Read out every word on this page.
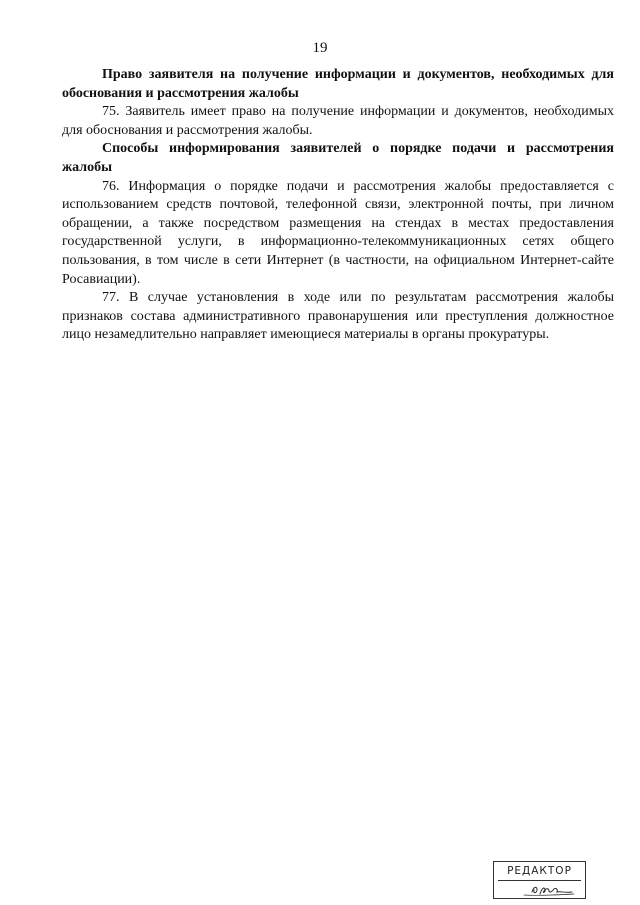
19

Право заявителя на получение информации и документов, необходимых для обоснования и рассмотрения жалобы

75. Заявитель имеет право на получение информации и документов, необходимых для обоснования и рассмотрения жалобы.

Способы информирования заявителей о порядке подачи и рассмотрения жалобы

76. Информация о порядке подачи и рассмотрения жалобы предоставляется с использованием средств почтовой, телефонной связи, электронной почты, при личном обращении, а также посредством размещения на стендах в местах предоставления государственной услуги, в информационно-телекоммуникационных сетях общего пользования, в том числе в сети Интернет (в частности, на официальном Интернет-сайте Росавиации).

77. В случае установления в ходе или по результатам рассмотрения жалобы признаков состава административного правонарушения или преступления должностное лицо незамедлительно направляет имеющиеся материалы в органы прокуратуры.

РЕДАКТОР
